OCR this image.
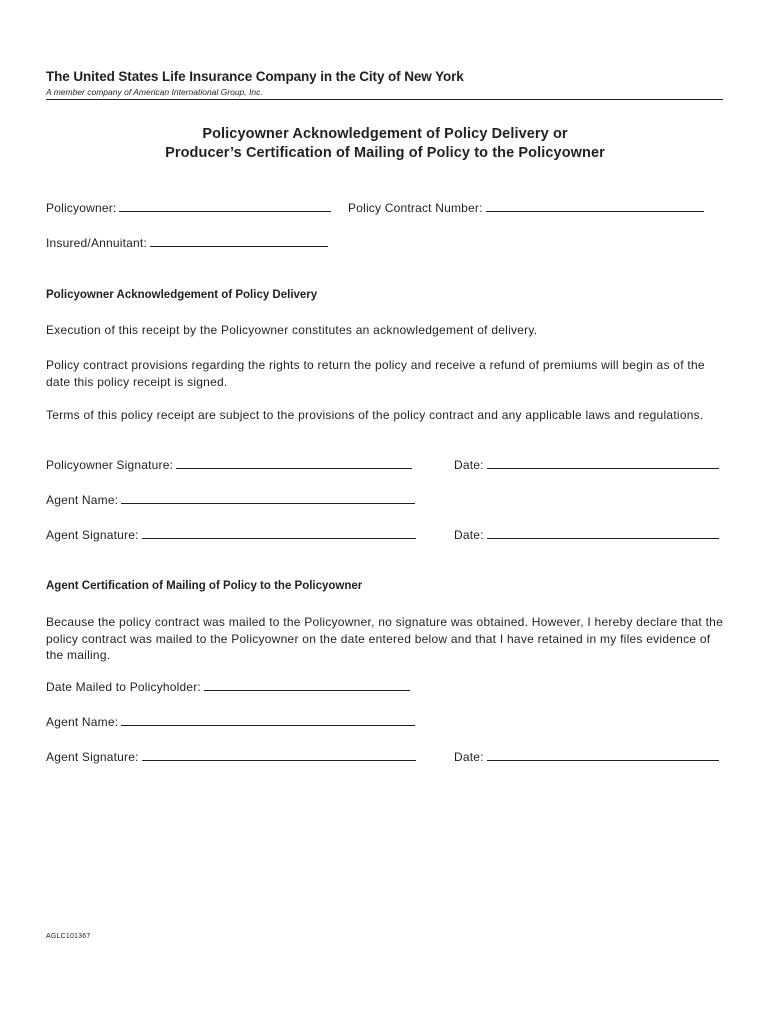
The United States Life Insurance Company in the City of New York
A member company of American International Group, Inc.
Policyowner Acknowledgement of Policy Delivery or
Producer’s Certification of Mailing of Policy to the Policyowner
Policyowner:	Policy Contract Number:
Insured/Annuitant:
Policyowner Acknowledgement of Policy Delivery
Execution of this receipt by the Policyowner constitutes an acknowledgement of delivery.
Policy contract provisions regarding the rights to return the policy and receive a refund of premiums will begin as of the date this policy receipt is signed.
Terms of this policy receipt are subject to the provisions of the policy contract and any applicable laws and regulations.
Policyowner Signature:	Date:
Agent Name:
Agent Signature:	Date:
Agent Certification of Mailing of Policy to the Policyowner
Because the policy contract was mailed to the Policyowner, no signature was obtained. However, I hereby declare that the policy contract was mailed to the Policyowner on the date entered below and that I have retained in my files evidence of the mailing.
Date Mailed to Policyholder:
Agent Name:
Agent Signature:	Date:
AGLC101367
